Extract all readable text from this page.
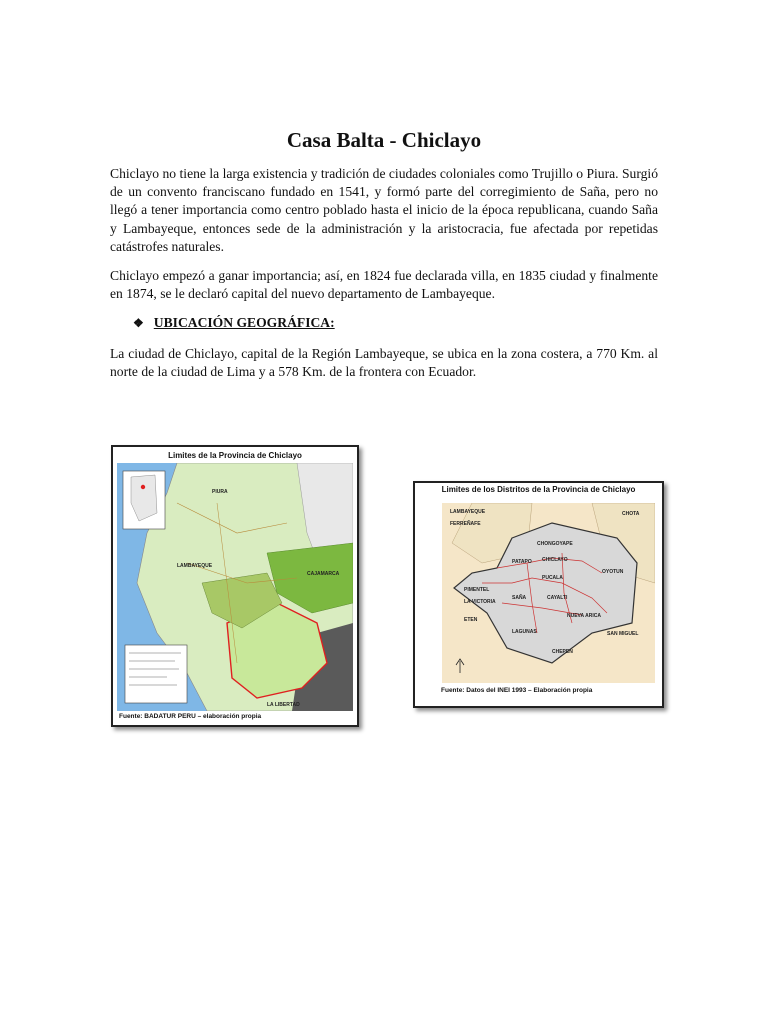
Casa Balta - Chiclayo

Chiclayo no tiene la larga existencia y tradición de ciudades coloniales como Trujillo o Piura. Surgió de un convento franciscano fundado en 1541, y formó parte del corregimiento de Saña, pero no llegó a tener importancia como centro poblado hasta el inicio de la época republicana, cuando Saña y Lambayeque, entonces sede de la administración y la aristocracia, fue afectada por repetidas catástrofes naturales.

Chiclayo empezó a ganar importancia; así, en 1824 fue declarada villa, en 1835 ciudad y finalmente en 1874, se le declaró capital del nuevo departamento de Lambayeque.

❖ UBICACIÓN GEOGRÁFICA:

La ciudad de Chiclayo, capital de la Región Lambayeque, se ubica en la zona costera, a 770 Km. al norte de la ciudad de Lima y a 578 Km. de la frontera con Ecuador.

Limites de la Provincia de Chiclayo
PIURA
LAMBAYEQUE
CAJAMARCA
LA LIBERTAD
Fuente: BADATUR PERU – elaboración propia
Limites de los Distritos de la Provincia de Chiclayo
LAMBAYEQUE
FERREÑAFE
CHOTA
CHONGOYAPE
PATAPO CHICLAYO
OYOTUN
PUCALA
SAÑA	CAYALTI
NUEVA ARICA
LAGUNAS	SAN MIGUEL
CHEPEN
ETEN
LA VICTORIA
PIMENTEL
Fuente: Datos del INEI 1993 – Elaboración propia
